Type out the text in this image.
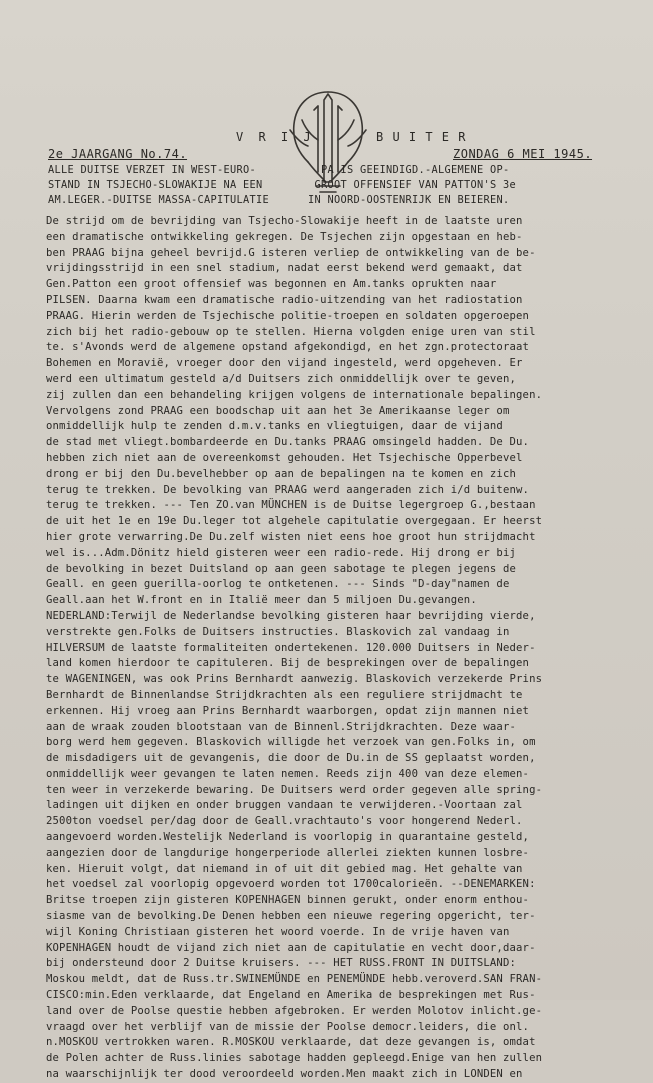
V R I J	B U I T E R
2e JAARGANG No.74.	ZONDAG 6 MEI 1945.
ALLE DUITSE VERZET IN WEST-EURO-          PA IS GEEINDIGD.-ALGEMENE OP-
STAND IN TSJECHO-SLOWAKIJE NA EEN        GROOT OFFENSIEF VAN PATTON'S 3e
AM.LEGER.-DUITSE MASSA-CAPITULATIE      IN NOORD-OOSTENRIJK EN BEIEREN.
De strijd om de bevrijding van Tsjecho-Slowakije heeft in de laatste uren
een dramatische ontwikkeling gekregen. De Tsjechen zijn opgestaan en heb-
ben PRAAG bijna geheel bevrijd.G isteren verliep de ontwikkeling van de be-
vrijdingsstrijd in een snel stadium, nadat eerst bekend werd gemaakt, dat
Gen.Patton een groot offensief was begonnen en Am.tanks oprukten naar
PILSEN. Daarna kwam een dramatische radio-uitzending van het radiostation
PRAAG. Hierin werden de Tsjechische politie-troepen en soldaten opgeroepen
zich bij het radio-gebouw op te stellen. Hierna volgden enige uren van stil
te. s'Avonds werd de algemene opstand afgekondigd, en het zgn.protectoraat
Bohemen en Moravië, vroeger door den vijand ingesteld, werd opgeheven. Er
werd een ultimatum gesteld a/d Duitsers zich onmiddellijk over te geven,
zij zullen dan een behandeling krijgen volgens de internationale bepalingen.
Vervolgens zond PRAAG een boodschap uit aan het 3e Amerikaanse leger om
onmiddellijk hulp te zenden d.m.v.tanks en vliegtuigen, daar de vijand
de stad met vliegt.bombardeerde en Du.tanks PRAAG omsingeld hadden. De Du.
hebben zich niet aan de overeenkomst gehouden. Het Tsjechische Opperbevel
drong er bij den Du.bevelhebber op aan de bepalingen na te komen en zich
terug te trekken. De bevolking van PRAAG werd aangeraden zich i/d buitenw.
terug te trekken. --- Ten ZO.van MÜNCHEN is de Duitse legergroep G.,bestaan
de uit het 1e en 19e Du.leger tot algehele capitulatie overgegaan. Er heerst
hier grote verwarring.De Du.zelf wisten niet eens hoe groot hun strijdmacht
wel is...Adm.Dönitz hield gisteren weer een radio-rede. Hij drong er bij
de bevolking in bezet Duitsland op aan geen sabotage te plegen jegens de
Geall. en geen guerilla-oorlog te ontketenen. --- Sinds "D-day"namen de
Geall.aan het W.front en in Italië meer dan 5 miljoen Du.gevangen.
NEDERLAND:Terwijl de Nederlandse bevolking gisteren haar bevrijding vierde,
verstrekte gen.Folks de Duitsers instructies. Blaskovich zal vandaag in
HILVERSUM de laatste formaliteiten ondertekenen. 120.000 Duitsers in Neder-
land komen hierdoor te capituleren. Bij de besprekingen over de bepalingen
te WAGENINGEN, was ook Prins Bernhardt aanwezig. Blaskovich verzekerde Prins
Bernhardt de Binnenlandse Strijdkrachten als een reguliere strijdmacht te
erkennen. Hij vroeg aan Prins Bernhardt waarborgen, opdat zijn mannen niet
aan de wraak zouden blootstaan van de Binnenl.Strijdkrachten. Deze waar-
borg werd hem gegeven. Blaskovich willigde het verzoek van gen.Folks in, om
de misdadigers uit de gevangenis, die door de Du.in de SS geplaatst worden,
onmiddellijk weer gevangen te laten nemen. Reeds zijn 400 van deze elemen-
ten weer in verzekerde bewaring. De Duitsers werd order gegeven alle spring-
ladingen uit dijken en onder bruggen vandaan te verwijderen.-Voortaan zal
2500ton voedsel per/dag door de Geall.vrachtauto's voor hongerend Nederl.
aangevoerd worden.Westelijk Nederland is voorlopig in quarantaine gesteld,
aangezien door de langdurige hongerperiode allerlei ziekten kunnen losbre-
ken. Hieruit volgt, dat niemand in of uit dit gebied mag. Het gehalte van
het voedsel zal voorlopig opgevoerd worden tot 1700calorieën. --DENEMARKEN:
Britse troepen zijn gisteren KOPENHAGEN binnen gerukt, onder enorm enthou-
siasme van de bevolking.De Denen hebben een nieuwe regering opgericht, ter-
wijl Koning Christiaan gisteren het woord voerde. In de vrije haven van
KOPENHAGEN houdt de vijand zich niet aan de capitulatie en vecht door,daar-
bij ondersteund door 2 Duitse kruisers. --- HET RUSS.FRONT IN DUITSLAND:
Moskou meldt, dat de Russ.tr.SWINEMÜNDE en PENEMÜNDE hebb.veroverd.SAN FRAN-
CISCO:min.Eden verklaarde, dat Engeland en Amerika de besprekingen met Rus-
land over de Poolse questie hebben afgebroken. Er werden Molotov inlicht.ge-
vraagd over het verblijf van de missie der Poolse democr.leiders, die onl.
n.MOSKOU vertrokken waren. R.MOSKOU verklaarde, dat deze gevangen is, omdat
de Polen achter de Russ.linies sabotage hadden gepleegd.Enige van hen zullen
na waarschijnlijk ter dood veroordeeld worden.Men maakt zich in LONDEN en
